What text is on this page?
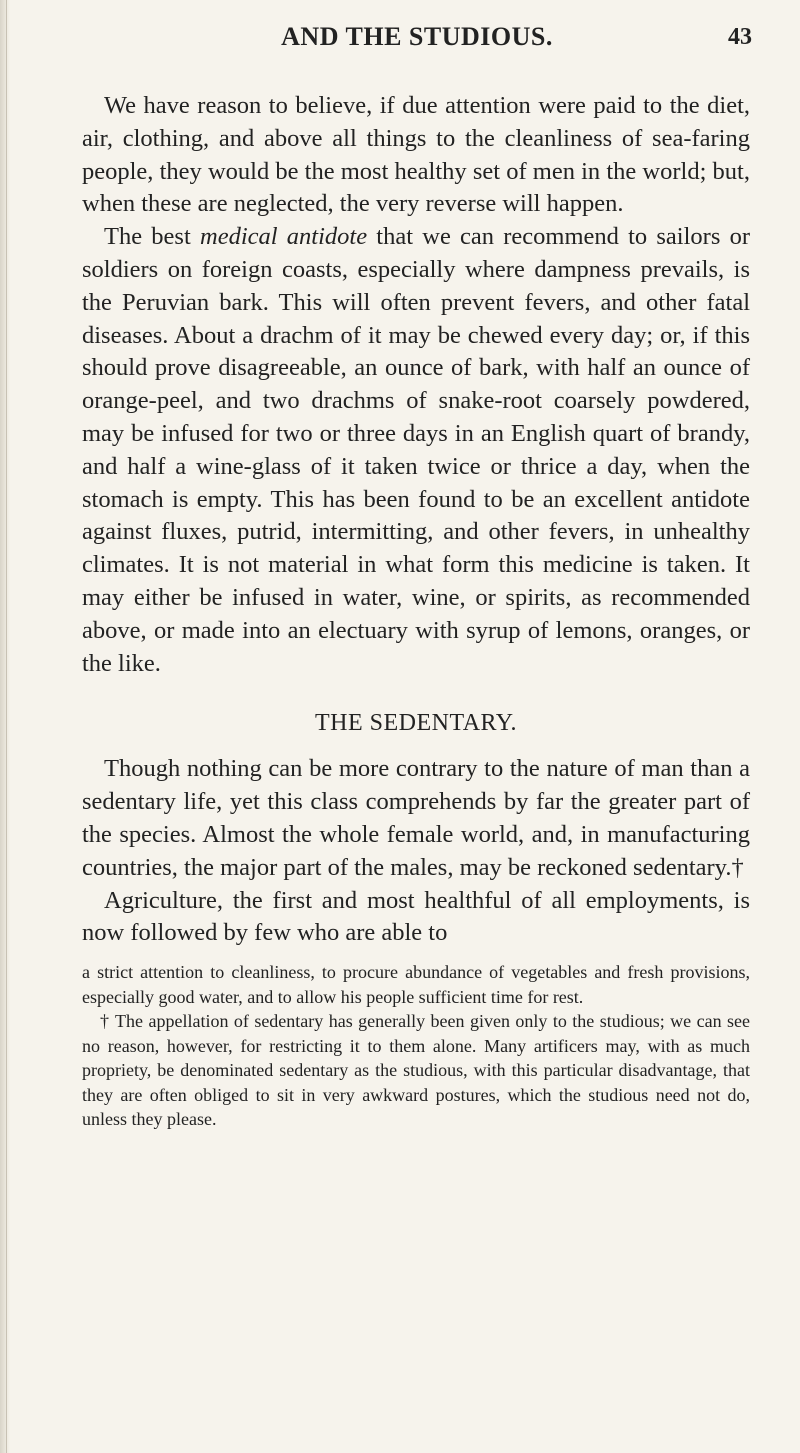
AND THE STUDIOUS.	43

We have reason to believe, if due attention were paid to the diet, air, clothing, and above all things to the cleanliness of sea-faring people, they would be the most healthy set of men in the world; but, when these are neglected, the very reverse will happen.

The best medical antidote that we can recommend to sailors or soldiers on foreign coasts, especially where dampness prevails, is the Peruvian bark. This will often prevent fevers, and other fatal diseases. About a drachm of it may be chewed every day; or, if this should prove disagreeable, an ounce of bark, with half an ounce of orange-peel, and two drachms of snake-root coarsely powdered, may be infused for two or three days in an English quart of brandy, and half a wine-glass of it taken twice or thrice a day, when the stomach is empty. This has been found to be an excellent antidote against fluxes, putrid, intermitting, and other fevers, in unhealthy climates. It is not material in what form this medicine is taken. It may either be infused in water, wine, or spirits, as recommended above, or made into an electuary with syrup of lemons, oranges, or the like.

THE SEDENTARY.

Though nothing can be more contrary to the nature of man than a sedentary life, yet this class comprehends by far the greater part of the species. Almost the whole female world, and, in manufacturing countries, the major part of the males, may be reckoned sedentary.†

Agriculture, the first and most healthful of all employments, is now followed by few who are able to

a strict attention to cleanliness, to procure abundance of vegetables and fresh provisions, especially good water, and to allow his people sufficient time for rest.

† The appellation of sedentary has generally been given only to the studious; we can see no reason, however, for restricting it to them alone. Many artificers may, with as much propriety, be denominated sedentary as the studious, with this particular disadvantage, that they are often obliged to sit in very awkward postures, which the studious need not do, unless they please.
